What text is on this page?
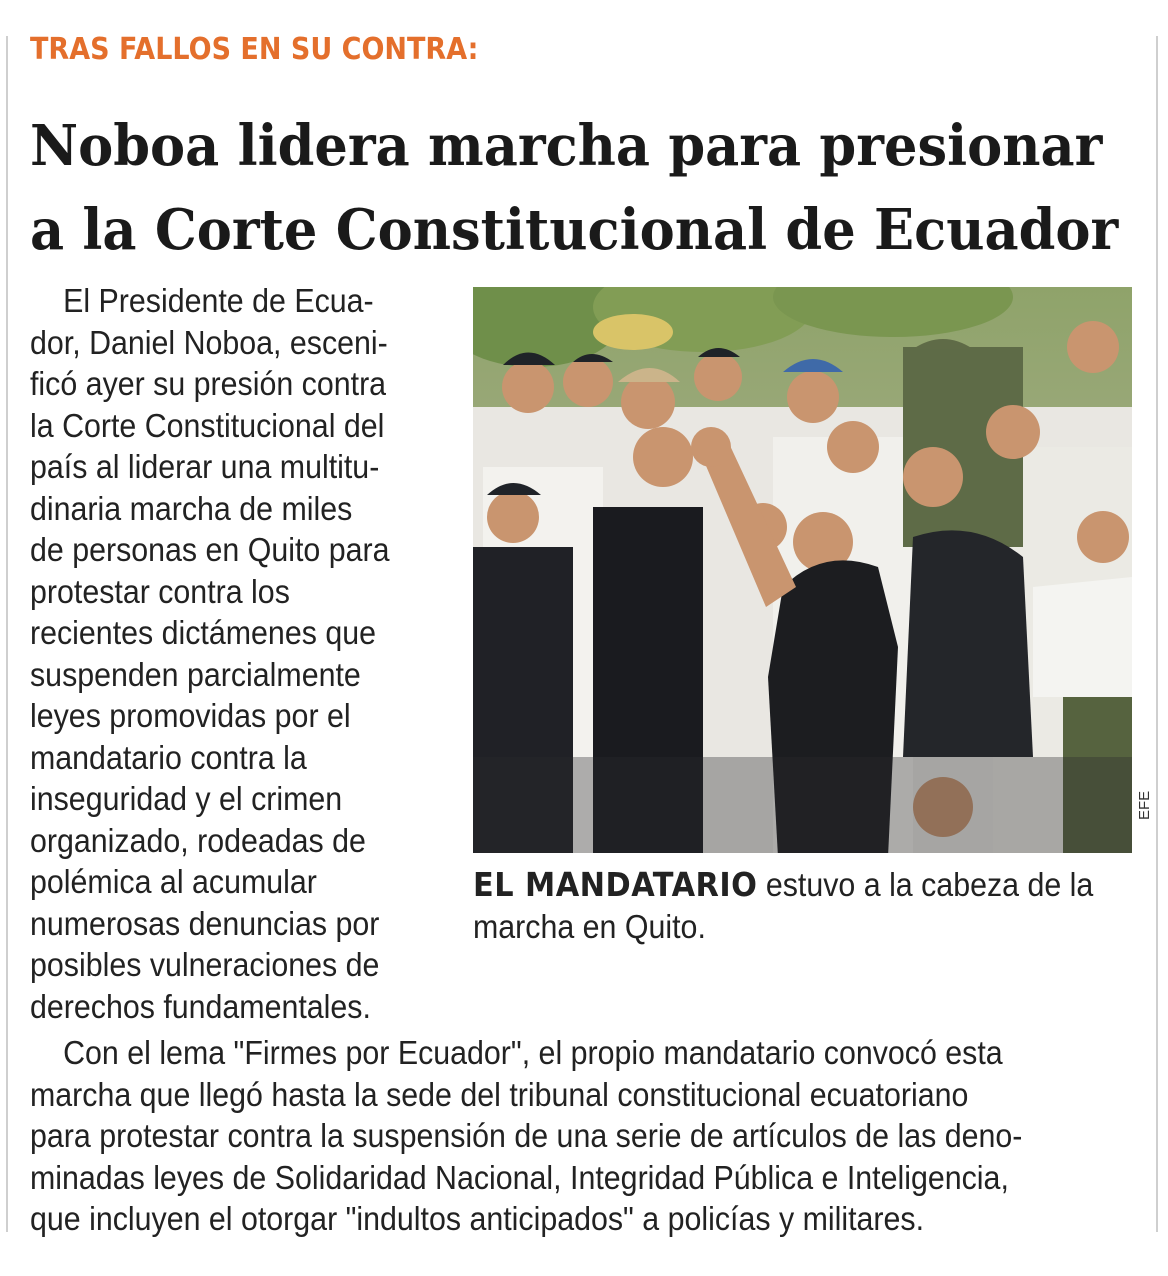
TRAS FALLOS EN SU CONTRA:
Noboa lidera marcha para presionar
a la Corte Constitucional de Ecuador
El Presidente de Ecua-
dor, Daniel Noboa, esceni-
ficó ayer su presión contra
la Corte Constitucional del
país al liderar una multitu-
dinaria marcha de miles
de personas en Quito para
protestar contra los
recientes dictámenes que
suspenden parcialmente
leyes promovidas por el
mandatario contra la
inseguridad y el crimen
organizado, rodeadas de
polémica al acumular
numerosas denuncias por
posibles vulneraciones de
derechos fundamentales.
EFE
EL MANDATARIO estuvo a la cabeza de la
marcha en Quito.
Con el lema "Firmes por Ecuador", el propio mandatario convocó esta
marcha que llegó hasta la sede del tribunal constitucional ecuatoriano
para protestar contra la suspensión de una serie de artículos de las deno-
minadas leyes de Solidaridad Nacional, Integridad Pública e Inteligencia,
que incluyen el otorgar "indultos anticipados" a policías y militares.
